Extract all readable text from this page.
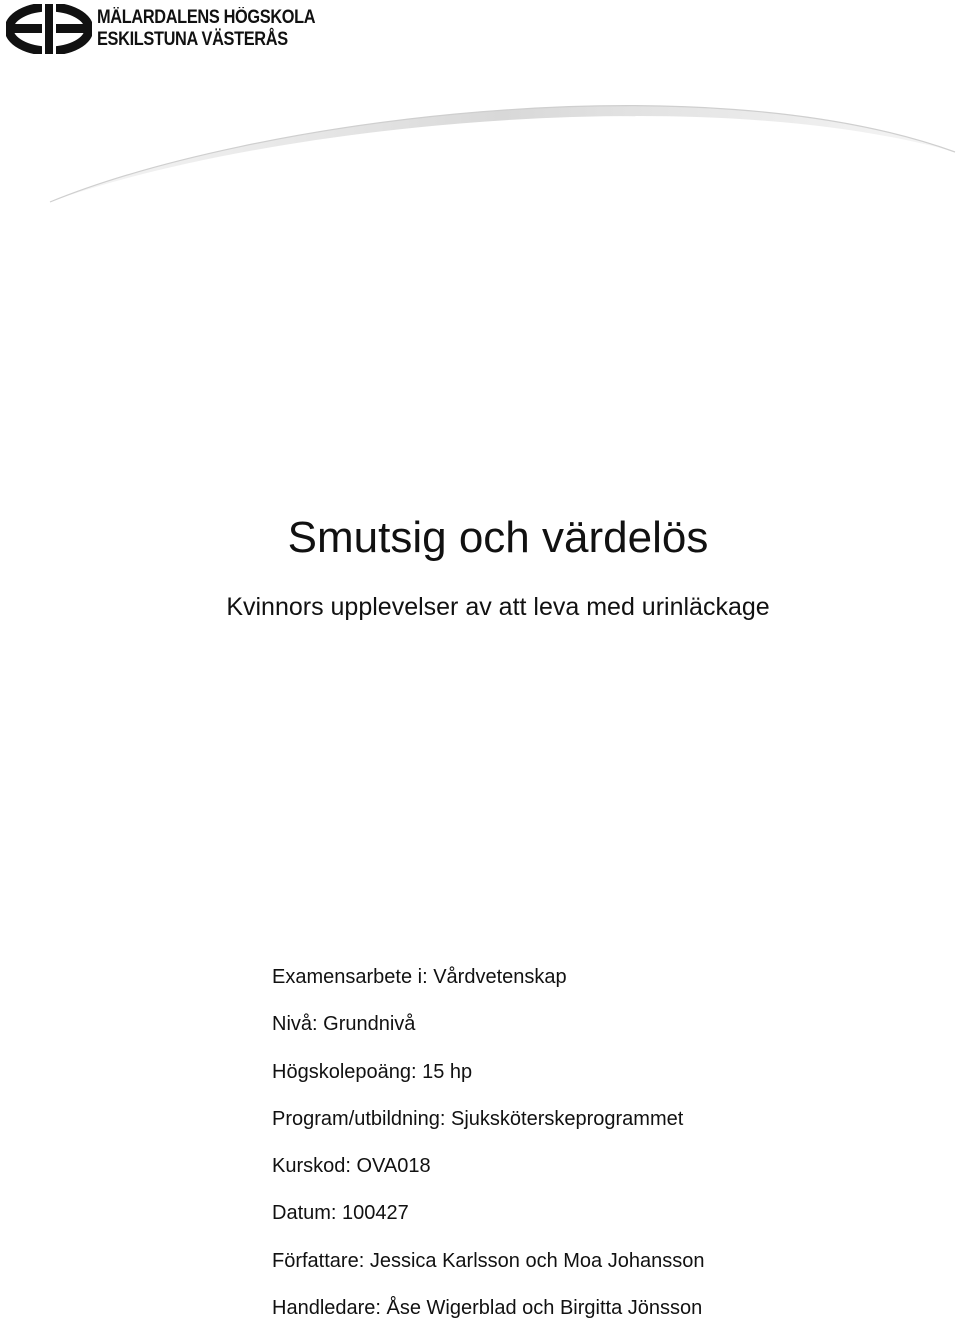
MÄLARDALENS HÖGSKOLA
ESKILSTUNA VÄSTERÅS
Smutsig och värdelös
Kvinnors upplevelser av att leva med urinläckage
Examensarbete i: Vårdvetenskap
Nivå: Grundnivå
Högskolepoäng: 15 hp
Program/utbildning: Sjuksköterskeprogrammet
Kurskod: OVA018
Datum: 100427
Författare: Jessica Karlsson och Moa Johansson
Handledare: Åse Wigerblad och Birgitta Jönsson
